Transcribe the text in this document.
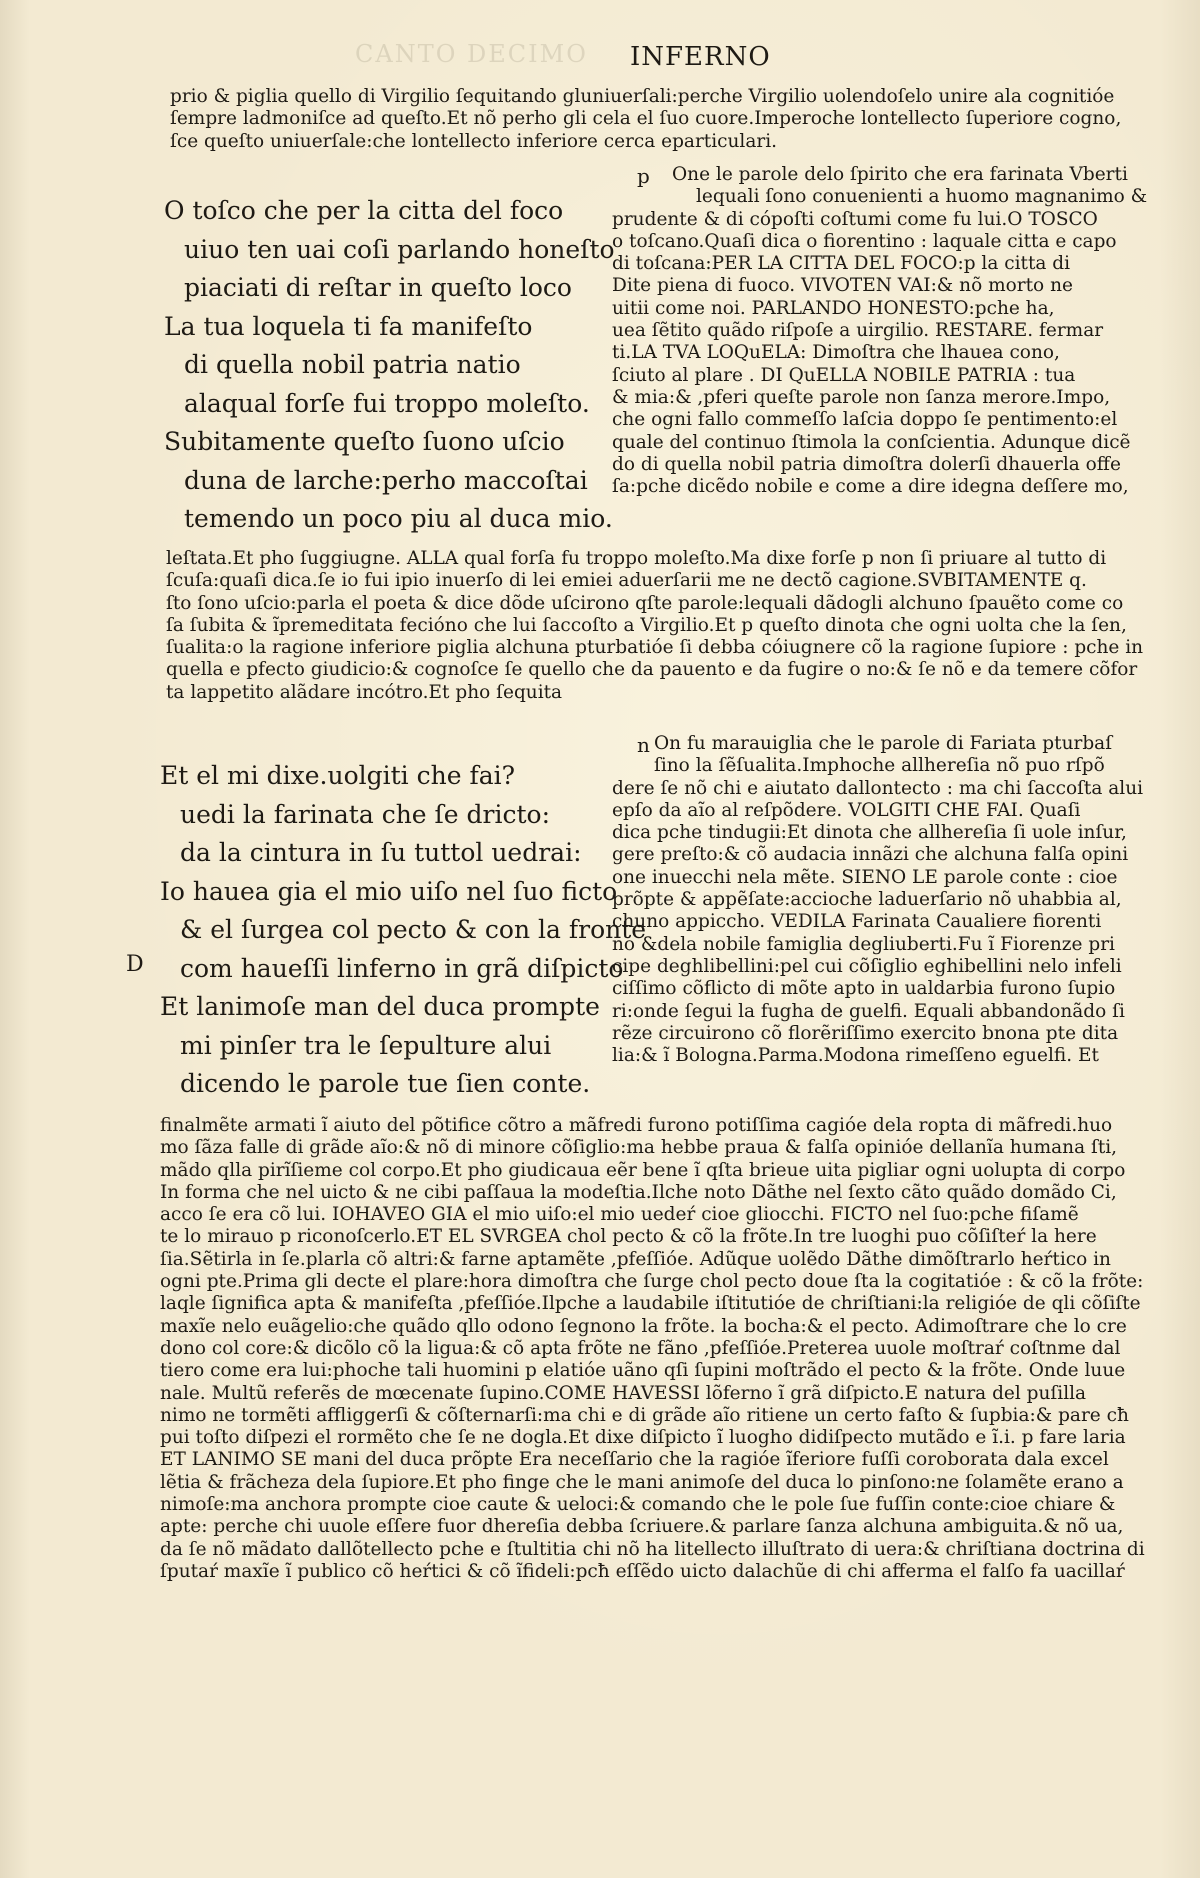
CANTO DECIMO INFERNO
prio & piglia quello di Virgilio ſequitando gluniuerſali:perche Virgilio uolendoſelo unire ala cognitióe
ſempre ladmoniſce ad queſto.Et nõ perho gli cela el ſuo cuore.Imperoche lontellecto ſuperiore cogno,
ſce queſto uniuerſale:che lontellecto inferiore cerca eparticulari.
O toſco che per la citta del foco
uiuo ten uai coſi parlando honeſto
piaciati di reſtar in queſto loco
La tua loquela ti fa manifeſto
di quella nobil patria natio
alaqual forſe fui troppo moleſto.
Subitamente queſto ſuono uſcio
duna de larche:perho maccoſtai
temendo un poco piu al duca mio.
p	One le parole delo ſpirito che era farinata Vberti
lequali ſono conuenienti a huomo magnanimo &
prudente & di cópoſti coſtumi come fu lui.O TOSCO
o toſcano.Quaſi dica o fiorentino : laquale citta e capo
di toſcana:PER LA CITTA DEL FOCO:p la citta di
Dite piena di fuoco. VIVOTEN VAI:& nõ morto ne
uitii come noi. PARLANDO HONESTO:pche ha,
uea ſẽtito quãdo riſpoſe a uirgilio. RESTARE. fermar
ti.LA TVA LOQuELA: Dimoſtra che lhauea cono,
ſciuto al plare . DI QuELLA NOBILE PATRIA : tua
& mia:& ,pferi queſte parole non ſanza merore.Impo,
che ogni fallo commeſſo laſcia doppo ſe pentimento:el
quale del continuo ſtimola la conſcientia. Adunque dicẽ
do di quella nobil patria dimoſtra dolerſi dhauerla offe
ſa:pche dicẽdo nobile e come a dire idegna deſſere mo,
leſtata.Et pho ſuggiugne. ALLA qual forſa fu troppo moleſto.Ma dixe forſe p non ſi priuare al tutto di
ſcuſa:quaſi dica.ſe io fui ipio inuerſo di lei emiei aduerſarii me ne dectõ cagione.SVBITAMENTE q.
ſto ſono uſcio:parla el poeta & dice dõde uſcirono qſte parole:lequali dãdogli alchuno ſpauẽto come co
ſa ſubita & ĩpremeditata fecióno che lui ſaccoſto a Virgilio.Et p queſto dinota che ogni uolta che la ſen,
ſualita:o la ragione inferiore piglia alchuna pturbatióe ſi debba cóiugnere cõ la ragione ſupiore : pche in
quella e pfecto giudicio:& cognoſce ſe quello che da pauento e da fugire o no:& ſe nõ e da temere cõfor
ta lappetito alãdare incótro.Et pho ſequita
D
Et el mi dixe.uolgiti che fai?
uedi la farinata che ſe dricto:
da la cintura in ſu tuttol uedrai:
Io hauea gia el mio uiſo nel ſuo ficto
& el ſurgea col pecto & con la fronte
com haueſſi linferno in grã diſpicto
Et lanimoſe man del duca prompte
mi pinſer tra le ſepulture alui
dicendo le parole tue ſien conte.
n On fu marauiglia che le parole di Fariata pturbaſ
ſino la ſẽſualita.Imphoche allhereſia nõ puo rſpõ
dere ſe nõ chi e aiutato dallontecto : ma chi ſaccoſta alui
epſo da aĩo al reſpõdere. VOLGITI CHE FAI. Quaſi
dica pche tindugii:Et dinota che allhereſia ſi uole inſur,
gere preſto:& cõ audacia innãzi che alchuna falſa opini
one inuecchi nela mẽte. SIENO LE parole conte : cioe
prõpte & appẽſate:accioche laduerſario nõ uhabbia al,
chuno appiccho. VEDILA Farinata Caualiere fiorenti
no &dela nobile famiglia degliuberti.Fu ĩ Fiorenze pri
cipe deghlibellini:pel cui cõſiglio eghibellini nelo infeli
ciſſimo cõflicto di mõte apto in ualdarbia furono ſupio
ri:onde ſegui la fugha de guelfi. Equali abbandonãdo ſi
rẽze circuirono cõ florẽriſſimo exercito bnona pte dita
lia:& ĩ Bologna.Parma.Modona rimeſſeno eguelfi. Et
finalmẽte armati ĩ aiuto del põtifice cõtro a mãfredi furono potiſſima cagióe dela ropta di mãfredi.huo
mo ſãza falle di grãde aĩo:& nõ di minore cõſiglio:ma hebbe praua & falſa opinióe dellanĩa humana ſti,
mãdo qlla pirĩſieme col corpo.Et pho giudicaua eẽr bene ĩ qſta brieue uita pigliar ogni uolupta di corpo
In forma che nel uicto & ne cibi paſſaua la modeſtia.Ilche noto Dãthe nel ſexto cãto quãdo domãdo Ci,
acco ſe era cõ lui. IOHAVEO GIA el mio uiſo:el mio uedeŕ cioe gliocchi. FICTO nel ſuo:pche fiſamẽ
te lo mirauo p riconoſcerlo.ET EL SVRGEA chol pecto & cõ la frõte.In tre luoghi puo cõſiſteŕ la here
ſia.Sẽtirla in ſe.plarla cõ altri:& farne aptamẽte ,pfeſſióe. Adũque uolẽdo Dãthe dimõſtrarlo heŕtico in
ogni pte.Prima gli decte el plare:hora dimoſtra che ſurge chol pecto doue ſta la cogitatióe : & cõ la frõte:
laqle ſignifica apta & manifeſta ,pfeſſióe.Ilpche a laudabile iſtitutióe de chriſtiani:la religióe de qli cõſiſte
maxĩe nelo euãgelio:che quãdo qllo odono ſegnono la frõte. la bocha:& el pecto. Adimoſtrare che lo cre
dono col core:& dicõlo cõ la ligua:& cõ apta frõte ne fãno ,pfeſſióe.Preterea uuole moſtraŕ coſtnme dal
tiero come era lui:phoche tali huomini p elatióe uãno qſi ſupini moſtrãdo el pecto & la frõte. Onde luue
nale. Multũ referẽs de mœcenate ſupino.COME HAVESSI lõferno ĩ grã diſpicto.E natura del puſilla
nimo ne tormẽti affliggerſi & cõſternarſi:ma chi e di grãde aĩo ritiene un certo faſto & ſupbia:& pare cħ
pui toſto diſpezi el rormẽto che ſe ne dogla.Et dixe diſpicto ĩ luogho didiſpecto mutãdo e ĩ.i. p fare laria
ET LANIMO SE mani del duca prõpte Era neceſſario che la ragióe ĩferiore fuſſi coroborata dala excel
lẽtia & frãcheza dela ſupiore.Et pho finge che le mani animoſe del duca lo pinſono:ne ſolamẽte erano a
nimoſe:ma anchora prompte cioe caute & ueloci:& comando che le pole ſue fuſſin conte:cioe chiare &
apte: perche chi uuole eſſere fuor dhereſia debba ſcriuere.& parlare ſanza alchuna ambiguita.& nõ ua,
da ſe nõ mãdato dallõtellecto pche e ſtultitia chi nõ ha litellecto illuſtrato di uera:& chriſtiana doctrina di
ſputaŕ maxĩe ĩ publico cõ heŕtici & cõ ĩfideli:pcħ eſſẽdo uicto dalachũe di chi afferma el falſo fa uacillaŕ
